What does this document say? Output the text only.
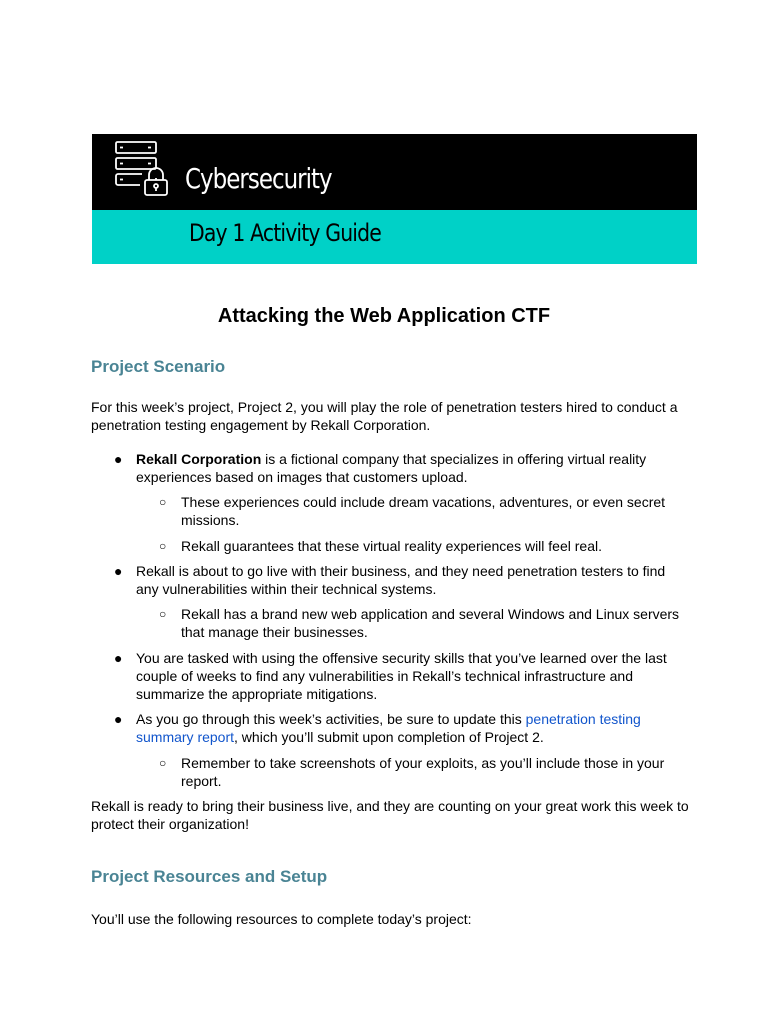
Cybersecurity
Day 1 Activity Guide
Attacking the Web Application CTF
Project Scenario
For this week’s project, Project 2, you will play the role of penetration testers hired to conduct a penetration testing engagement by Rekall Corporation.
● Rekall Corporation is a fictional company that specializes in offering virtual reality experiences based on images that customers upload.
○ These experiences could include dream vacations, adventures, or even secret missions.
○ Rekall guarantees that these virtual reality experiences will feel real.
● Rekall is about to go live with their business, and they need penetration testers to find any vulnerabilities within their technical systems.
○ Rekall has a brand new web application and several Windows and Linux servers that manage their businesses.
● You are tasked with using the offensive security skills that you’ve learned over the last couple of weeks to find any vulnerabilities in Rekall’s technical infrastructure and summarize the appropriate mitigations.
● As you go through this week’s activities, be sure to update this penetration testing summary report, which you’ll submit upon completion of Project 2.
○ Remember to take screenshots of your exploits, as you’ll include those in your report.
Rekall is ready to bring their business live, and they are counting on your great work this week to protect their organization!
Project Resources and Setup
You’ll use the following resources to complete today’s project:
